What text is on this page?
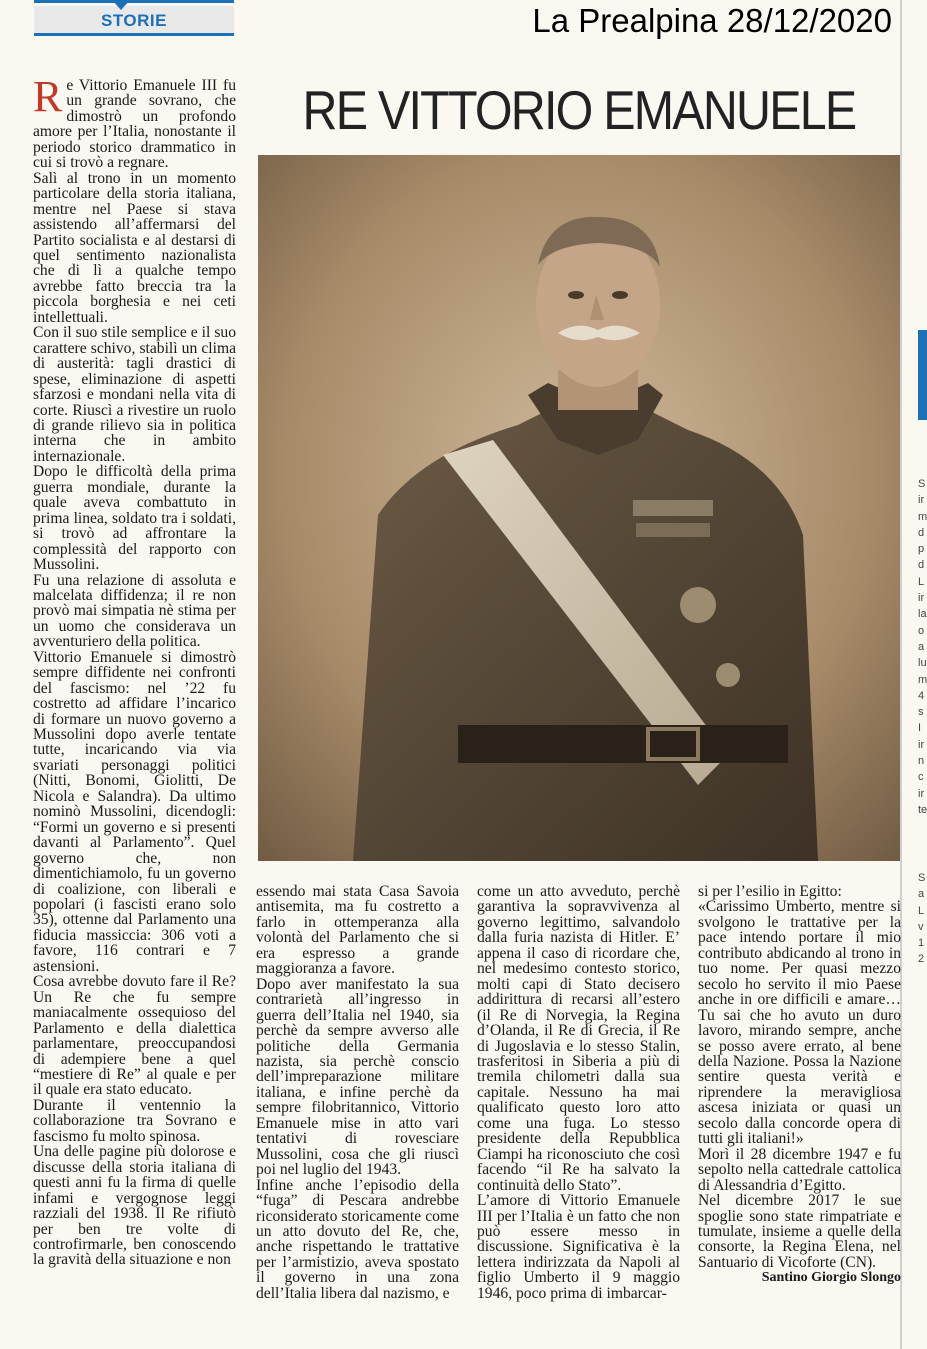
STORIE	La Prealpina 28/12/2020
RE VITTORIO EMANUELE

Re Vittorio Emanuele III fu un grande sovrano, che dimostrò un profondo amore per l’Italia, nonostante il periodo storico drammatico in cui si trovò a regnare.

Salì al trono in un momento particolare della storia italiana, mentre nel Paese si stava assistendo all’affermarsi del Partito socialista e al destarsi di quel sentimento nazionalista che di lì a qualche tempo avrebbe fatto breccia tra la piccola borghesia e nei ceti intellettuali.

Con il suo stile semplice e il suo carattere schivo, stabilì un clima di austerità: tagli drastici di spese, eliminazione di aspetti sfarzosi e mondani nella vita di corte. Riuscì a rivestire un ruolo di grande rilievo sia in politica interna che in ambito internazionale.

Dopo le difficoltà della prima guerra mondiale, durante la quale aveva combattuto in prima linea, soldato tra i soldati, si trovò ad affrontare la complessità del rapporto con Mussolini.

Fu una relazione di assoluta e malcelata diffidenza; il re non provò mai simpatia nè stima per un uomo che considerava un avventuriero della politica.

Vittorio Emanuele si dimostrò sempre diffidente nei confronti del fascismo: nel ’22 fu costretto ad affidare l’incarico di formare un nuovo governo a Mussolini dopo averle tentate tutte, incaricando via via svariati personaggi politici (Nitti, Bonomi, Giolitti, De Nicola e Salandra). Da ultimo nominò Mussolini, dicendogli: “Formi un governo e si presenti davanti al Parlamento”. Quel governo che, non dimentichiamolo, fu un governo di coalizione, con liberali e popolari (i fascisti erano solo 35), ottenne dal Parlamento una fiducia massiccia: 306 voti a favore, 116 contrari e 7 astensioni.

Cosa avrebbe dovuto fare il Re? Un Re che fu sempre maniacalmente ossequioso del Parlamento e della dialettica parlamentare, preoccupandosi di adempiere bene a quel “mestiere di Re” al quale e per il quale era stato educato.

Durante il ventennio la collaborazione tra Sovrano e fascismo fu molto spinosa.

Una delle pagine più dolorose e discusse della storia italiana di questi anni fu la firma di quelle infami e vergognose leggi razziali del 1938. Il Re rifiutò per ben tre volte di controfirmarle, ben conoscendo la gravità della situazione e non

essendo mai stata Casa Savoia antisemita, ma fu costretto a farlo in ottemperanza alla volontà del Parlamento che si era espresso a grande maggioranza a favore.

Dopo aver manifestato la sua contrarietà all’ingresso in guerra dell’Italia nel 1940, sia perchè da sempre avverso alle politiche della Germania nazista, sia perchè conscio dell’impreparazione militare italiana, e infine perchè da sempre filobritannico, Vittorio Emanuele mise in atto vari tentativi di rovesciare Mussolini, cosa che gli riuscì poi nel luglio del 1943.

Infine anche l’episodio della “fuga” di Pescara andrebbe riconsiderato storicamente come un atto dovuto del Re, che, anche rispettando le trattative per l’armistizio, aveva spostato il governo in una zona dell’Italia libera dal nazismo, e

come un atto avveduto, perchè garantiva la sopravvivenza al governo legittimo, salvandolo dalla furia nazista di Hitler. E’ appena il caso di ricordare che, nel medesimo contesto storico, molti capi di Stato decisero addirittura di recarsi all’estero (il Re di Norvegia, la Regina d’Olanda, il Re di Grecia, il Re di Jugoslavia e lo stesso Stalin, trasferitosi in Siberia a più di tremila chilometri dalla sua capitale. Nessuno ha mai qualificato questo loro atto come una fuga. Lo stesso presidente della Repubblica Ciampi ha riconosciuto che così facendo “il Re ha salvato la continuità dello Stato”.

L’amore di Vittorio Emanuele III per l’Italia è un fatto che non può essere messo in discussione. Significativa è la lettera indirizzata da Napoli al figlio Umberto il 9 maggio 1946, poco prima di imbarcar-

si per l’esilio in Egitto:

«Carissimo Umberto, mentre si svolgono le trattative per la pace intendo portare il mio contributo abdicando al trono in tuo nome. Per quasi mezzo secolo ho servito il mio Paese anche in ore difficili e amare… Tu sai che ho avuto un duro lavoro, mirando sempre, anche se posso avere errato, al bene della Nazione. Possa la Nazione sentire questa verità e riprendere la meravigliosa ascesa iniziata or quasi un secolo dalla concorde opera di tutti gli italiani!»

Morì il 28 dicembre 1947 e fu sepolto nella cattedrale cattolica di Alessandria d’Egitto.

Nel dicembre 2017 le sue spoglie sono state rimpatriate e tumulate, insieme a quelle della consorte, la Regina Elena, nel Santuario di Vicoforte (CN).

Santino Giorgio Slongo

S
ir
m
d
p
d
L
ir
la
o
a
lu
m
4
s
I
ir
n
c
ir
te
S
a
L
v
1
2
